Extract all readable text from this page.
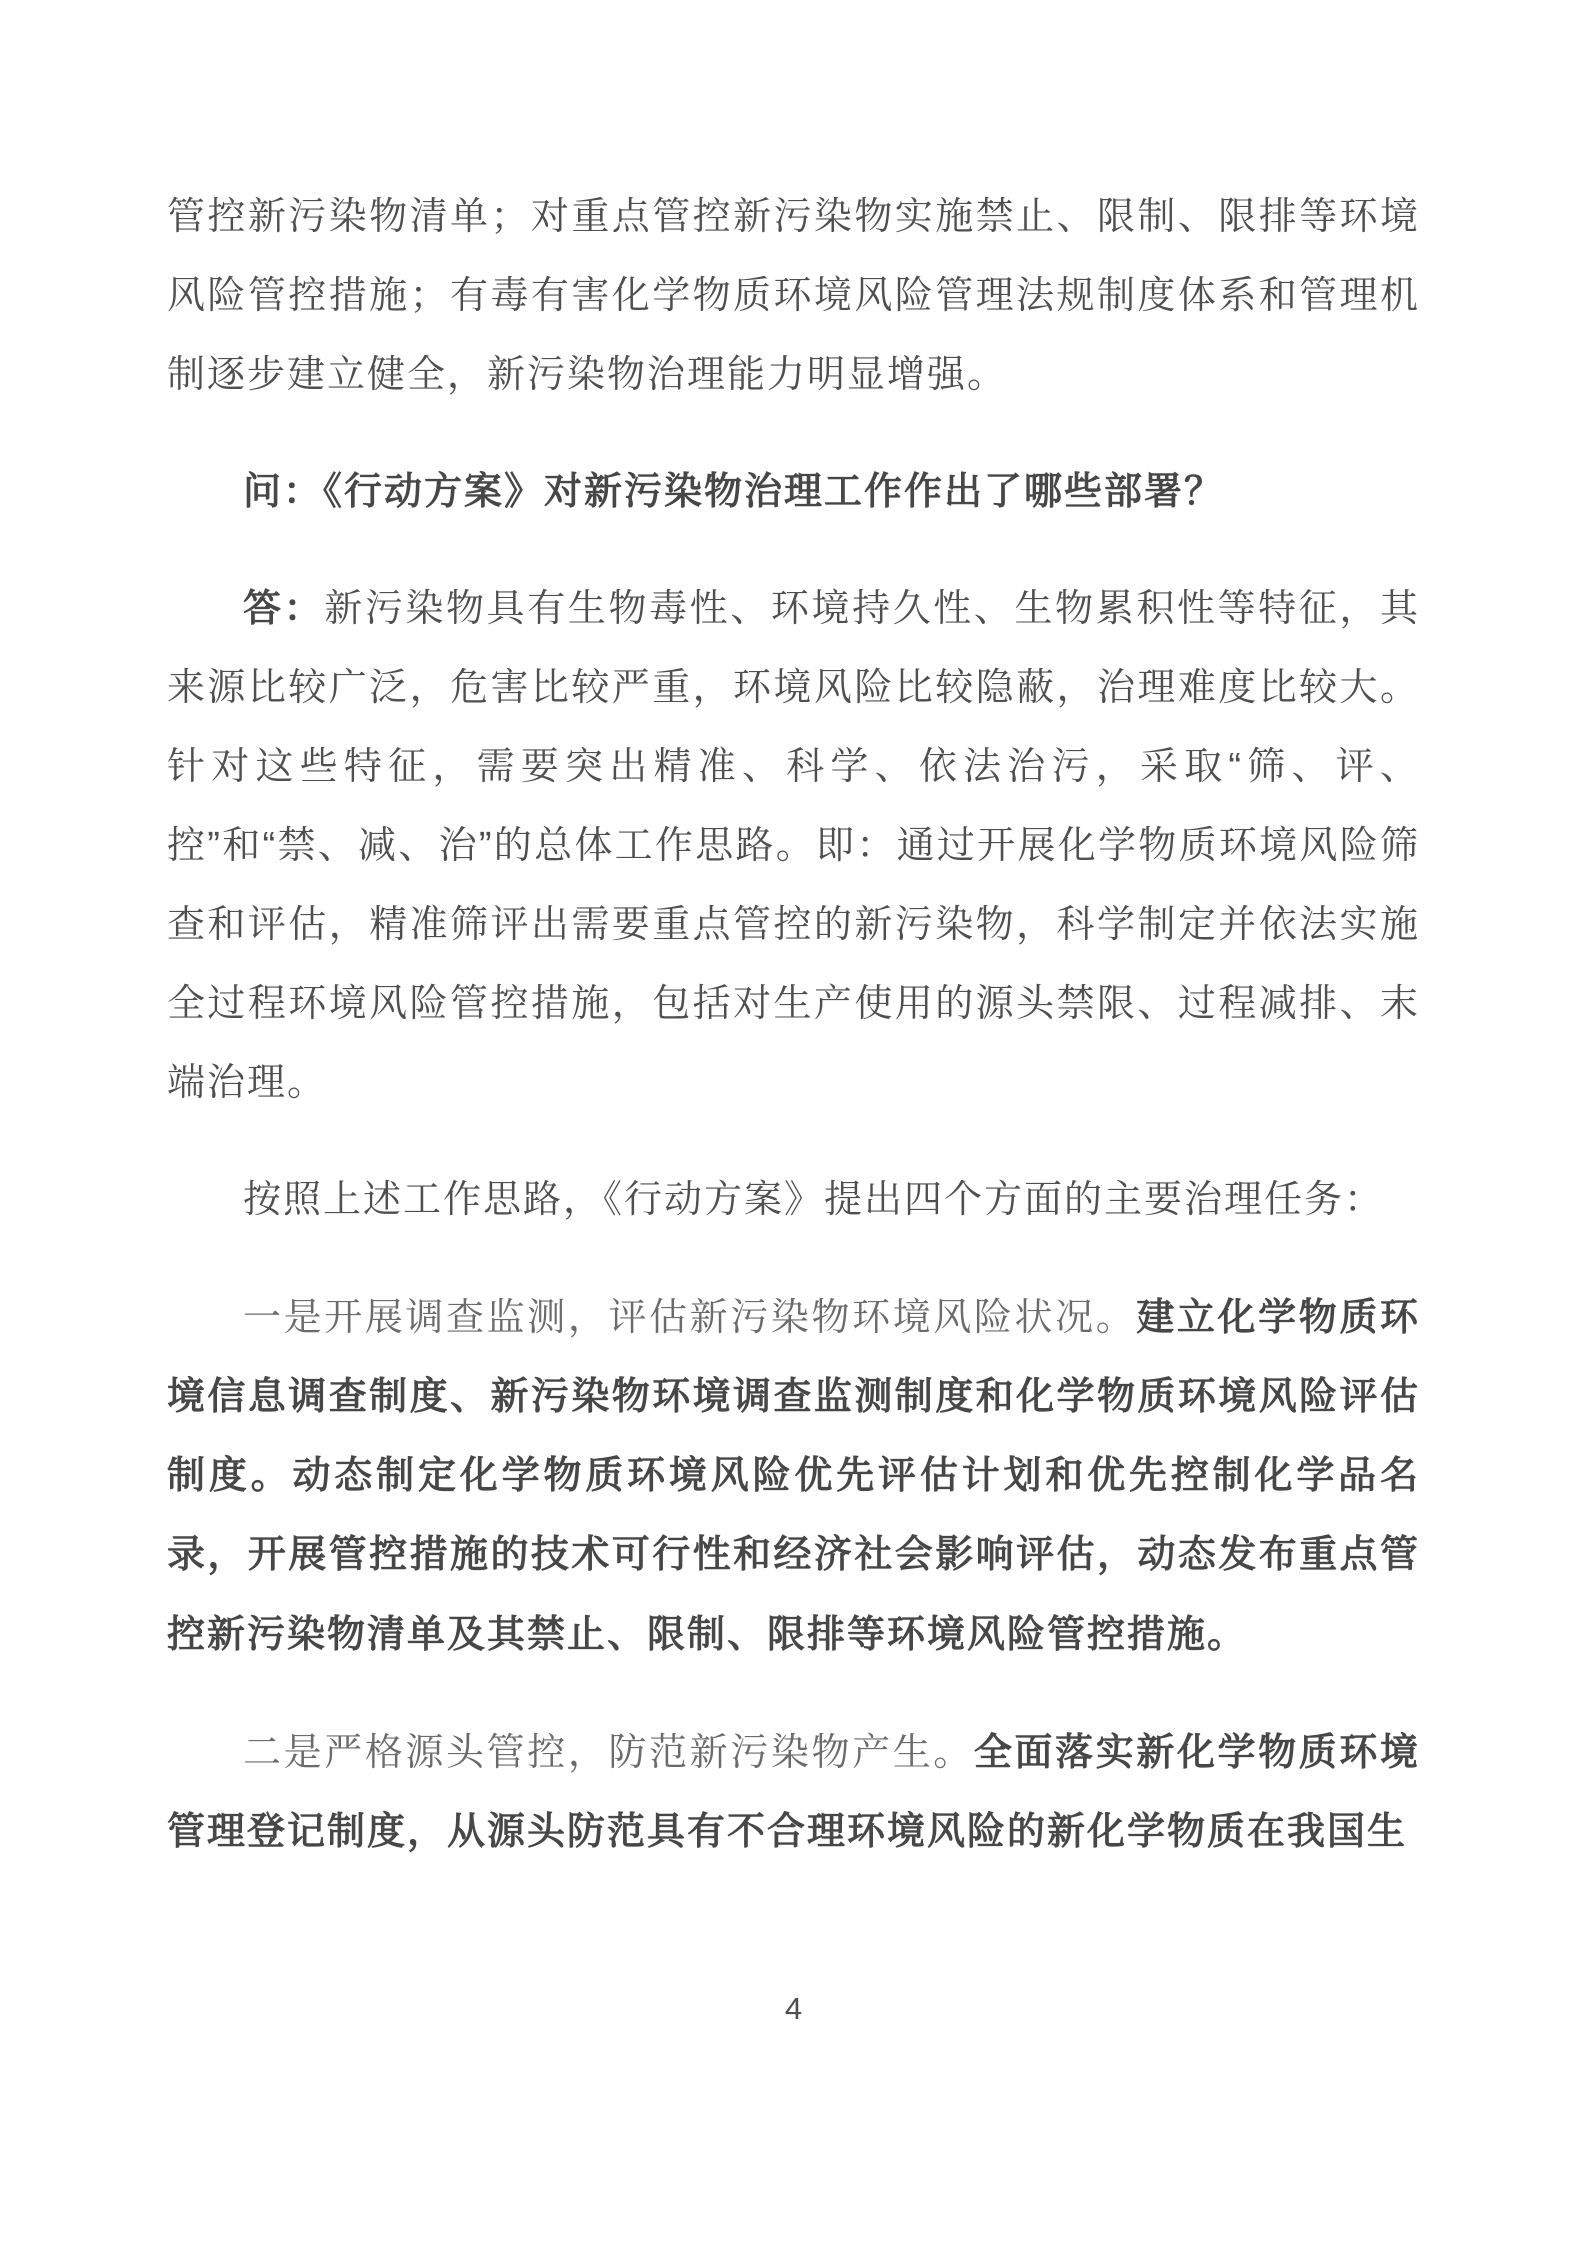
管控新污染物清单；对重点管控新污染物实施禁止、限制、限排等环境风险管控措施；有毒有害化学物质环境风险管理法规制度体系和管理机制逐步建立健全，新污染物治理能力明显增强。

问：《行动方案》对新污染物治理工作作出了哪些部署？

答：新污染物具有生物毒性、环境持久性、生物累积性等特征，其来源比较广泛，危害比较严重，环境风险比较隐蔽，治理难度比较大。针对这些特征，需要突出精准、科学、依法治污，采取“筛、评、控”和“禁、减、治”的总体工作思路。即：通过开展化学物质环境风险筛查和评估，精准筛评出需要重点管控的新污染物，科学制定并依法实施全过程环境风险管控措施，包括对生产使用的源头禁限、过程减排、末端治理。

按照上述工作思路，《行动方案》提出四个方面的主要治理任务：

一是开展调查监测，评估新污染物环境风险状况。建立化学物质环境信息调查制度、新污染物环境调查监测制度和化学物质环境风险评估制度。动态制定化学物质环境风险优先评估计划和优先控制化学品名录，开展管控措施的技术可行性和经济社会影响评估，动态发布重点管控新污染物清单及其禁止、限制、限排等环境风险管控措施。

二是严格源头管控，防范新污染物产生。全面落实新化学物质环境管理登记制度，从源头防范具有不合理环境风险的新化学物质在我国生

4
